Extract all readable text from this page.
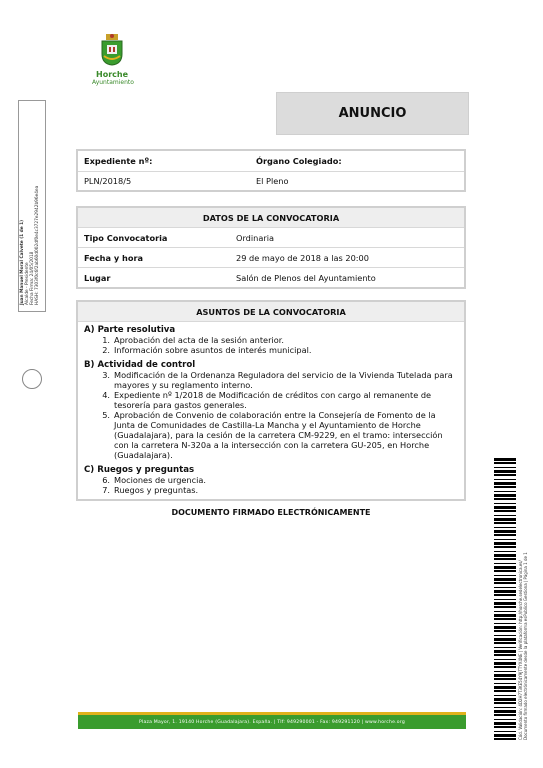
Horche
Ayuntamiento
ANUNCIO
Juan Manuel Moral Calvete (1 de 1) Alcalde - Presidente Fecha Firma: 24/05/2018 HASH: 7303f0c6f2ab60d002df0e4c3727e2942b96e4ea
Expediente nº:	Órgano Colegiado:
PLN/2018/5	El Pleno
DATOS DE LA CONVOCATORIA
Tipo Convocatoria	Ordinaria
Fecha y hora	29 de mayo de 2018 a las 20:00
Lugar	Salón de Plenos del Ayuntamiento
ASUNTOS DE LA CONVOCATORIA
A) Parte resolutiva
1. Aprobación del acta de la sesión anterior.
2. Información sobre asuntos de interés municipal.
B) Actividad de control
3. Modificación de la Ordenanza Reguladora del servicio de la Vivienda Tutelada para mayores y su reglamento interno.
4. Expediente nº 1/2018 de Modificación de créditos con cargo al remanente de tesorería para gastos generales.
5. Aprobación de Convenio de colaboración entre la Consejería de Fomento de la Junta de Comunidades de Castilla-La Mancha y el Ayuntamiento de Horche (Guadalajara), para la cesión de la carretera CM-9229, en el tramo: intersección con la carretera N-320a a la intersección con la carretera GU-205, en Horche (Guadalajara).
C) Ruegos y preguntas
6. Mociones de urgencia.
7. Ruegos y preguntas.
DOCUMENTO FIRMADO ELECTRÓNICAMENTE
Plaza Mayor, 1. 19140 Horche (Guadalajara). España. | Tlf: 949290001 - Fax: 949291120 | www.horche.org	Cód. Validación: 4D2H7T3KE54Y9JTTYX4NE | Verificación: http://horche.sedelectronica.es/ Documento firmado electrónicamente desde la plataforma esPublico Gestiona | Página 1 de 1
